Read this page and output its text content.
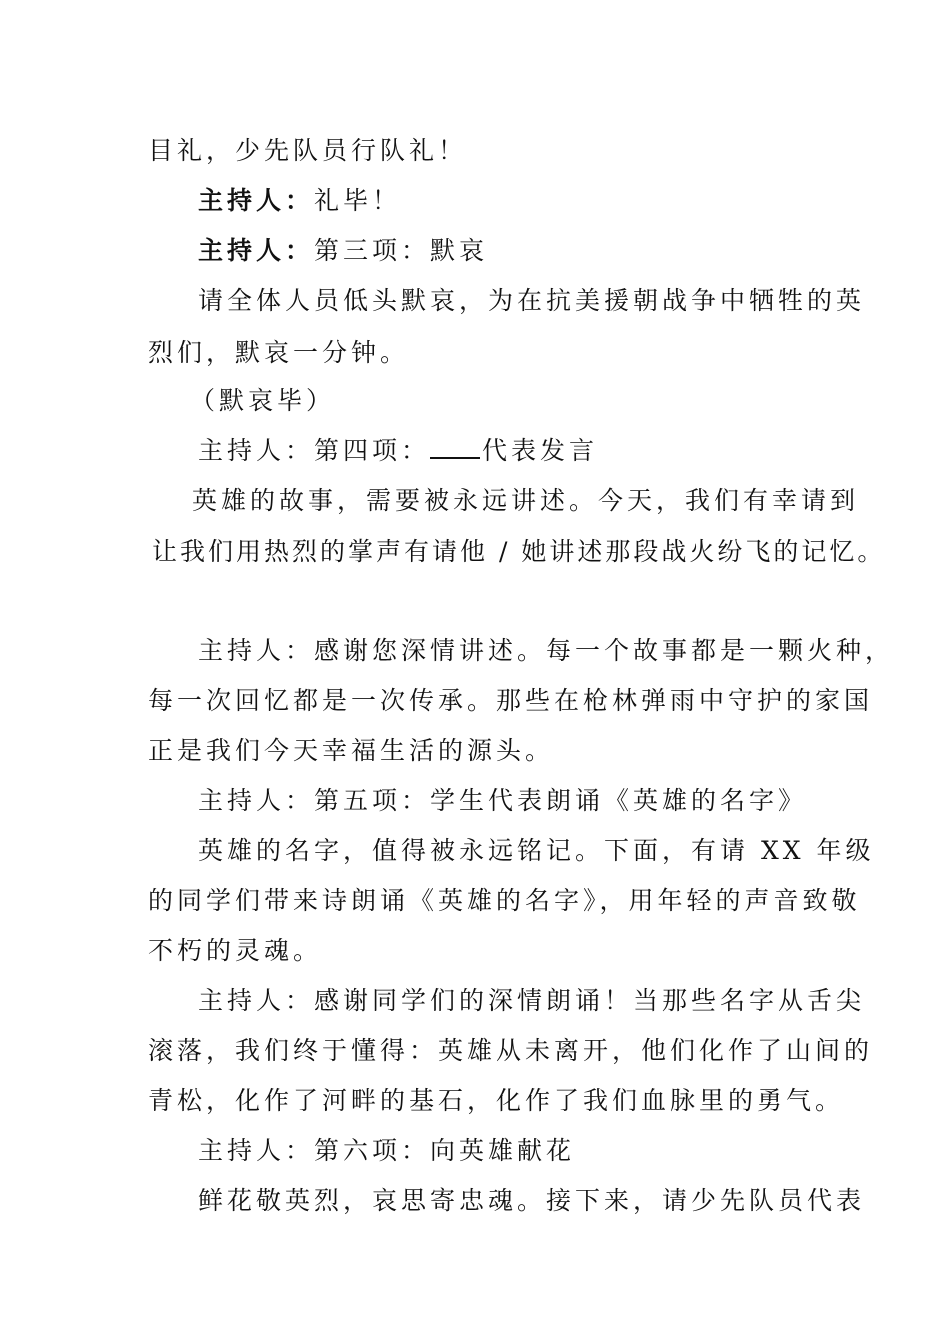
目礼，少先队员行队礼！
主持人：礼毕！
主持人：第三项：默哀
请全体人员低头默哀，为在抗美援朝战争中牺牲的英
烈们，默哀一分钟。
（默哀毕）
主持人：第四项： 代表发言
英雄的故事，需要被永远讲述。今天，我们有幸请到
让我们用热烈的掌声有请他 / 她讲述那段战火纷飞的记忆。
主持人：感谢您深情讲述。每一个故事都是一颗火种，
每一次回忆都是一次传承。那些在枪林弹雨中守护的家国
正是我们今天幸福生活的源头。
主持人：第五项：学生代表朗诵《英雄的名字》
英雄的名字，值得被永远铭记。下面，有请 XX 年级
的同学们带来诗朗诵《英雄的名字》，用年轻的声音致敬
不朽的灵魂。
主持人：感谢同学们的深情朗诵！当那些名字从舌尖
滚落，我们终于懂得：英雄从未离开，他们化作了山间的
青松，化作了河畔的基石，化作了我们血脉里的勇气。
主持人：第六项：向英雄献花
鲜花敬英烈，哀思寄忠魂。接下来，请少先队员代表
